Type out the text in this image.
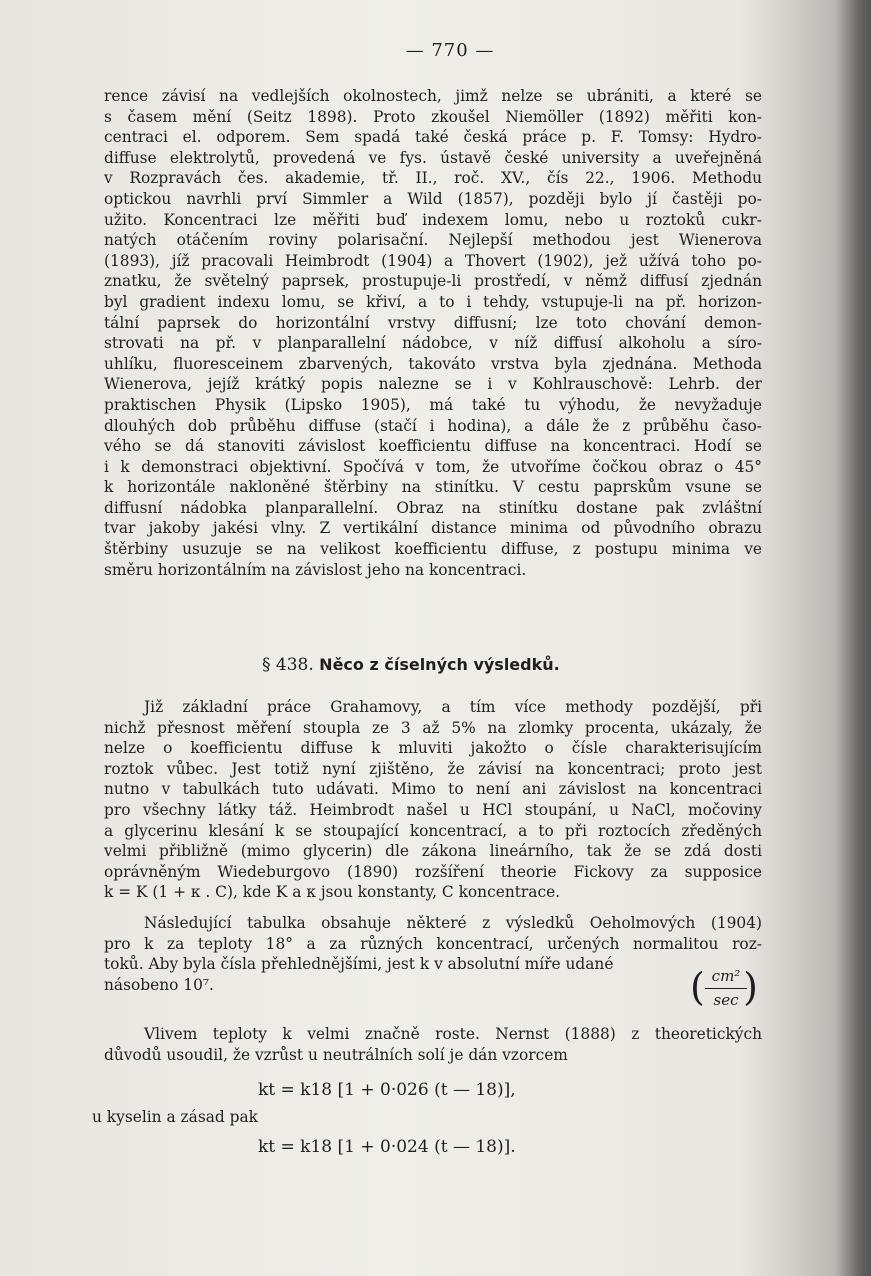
— 770 —
rence závisí na vedlejších okolnostech, jimž nelze se ubrániti, a které se
s časem mění (Seitz 1898). Proto zkoušel Niemöller (1892) měřiti kon-
centraci el. odporem. Sem spadá také česká práce p. F. Tomsy: Hydro-
diffuse elektrolytů, provedená ve fys. ústavě české university a uveřejněná
v Rozpravách čes. akademie, tř. II., roč. XV., čís 22., 1906. Methodu
optickou navrhli prví Simmler a Wild (1857), později bylo jí častěji po-
užito. Koncentraci lze měřiti buď indexem lomu, nebo u roztoků cukr-
natých otáčením roviny polarisační. Nejlepší methodou jest Wienerova
(1893), jíž pracovali Heimbrodt (1904) a Thovert (1902), jež užívá toho po-
znatku, že světelný paprsek, prostupuje-li prostředí, v němž diffusí zjednán
byl gradient indexu lomu, se křiví, a to i tehdy, vstupuje-li na př. horizon-
tální paprsek do horizontální vrstvy diffusní; lze toto chování demon-
strovati na př. v planparallelní nádobce, v níž diffusí alkoholu a síro-
uhlíku, fluoresceinem zbarvených, takováto vrstva byla zjednána. Methoda
Wienerova, jejíž krátký popis nalezne se i v Kohlrauschově: Lehrb. der
praktischen Physik (Lipsko 1905), má také tu výhodu, že nevyžaduje
dlouhých dob průběhu diffuse (stačí i hodina), a dále že z průběhu časo-
vého se dá stanoviti závislost koefficientu diffuse na koncentraci. Hodí se
i k demonstraci objektivní. Spočívá v tom, že utvoříme čočkou obraz o 45°
k horizontále nakloněné štěrbiny na stinítku. V cestu paprskům vsune se
diffusní nádobka planparallelní. Obraz na stinítku dostane pak zvláštní
tvar jakoby jakési vlny. Z vertikální distance minima od původního obrazu
štěrbiny usuzuje se na velikost koefficientu diffuse, z postupu minima ve
směru horizontálním na závislost jeho na koncentraci.
§ 438. Něco z číselných výsledků.
Již základní práce Grahamovy, a tím více methody pozdější, při
nichž přesnost měření stoupla ze 3 až 5% na zlomky procenta, ukázaly, že
nelze o koefficientu diffuse k mluviti jakožto o čísle charakterisujícím
roztok vůbec. Jest totiž nyní zjištěno, že závisí na koncentraci; proto jest
nutno v tabulkách tuto udávati. Mimo to není ani závislost na koncentraci
pro všechny látky táž. Heimbrodt našel u HCl stoupání, u NaCl, močoviny
a glycerinu klesání k se stoupající koncentrací, a to při roztocích zředěných
velmi přibližně (mimo glycerin) dle zákona lineárního, tak že se zdá dosti
oprávněným Wiedeburgovo (1890) rozšíření theorie Fickovy za supposice
k = K (1 + κ . C), kde K a κ jsou konstanty, C koncentrace.
Následující tabulka obsahuje některé z výsledků Oeholmových (1904)
pro k za teploty 18° a za různých koncentrací, určených normalitou roz-
toků. Aby byla čísla přehlednějšími, jest k v absolutní míře udané
násobeno 10⁷.	( cm²
sec )
Vlivem teploty k velmi značně roste. Nernst (1888) z theoretických
důvodů usoudil, že vzrůst u neutrálních solí je dán vzorcem
kt = k18 [1 + 0·026 (t — 18)],
u kyselin a zásad pak
kt = k18 [1 + 0·024 (t — 18)].
